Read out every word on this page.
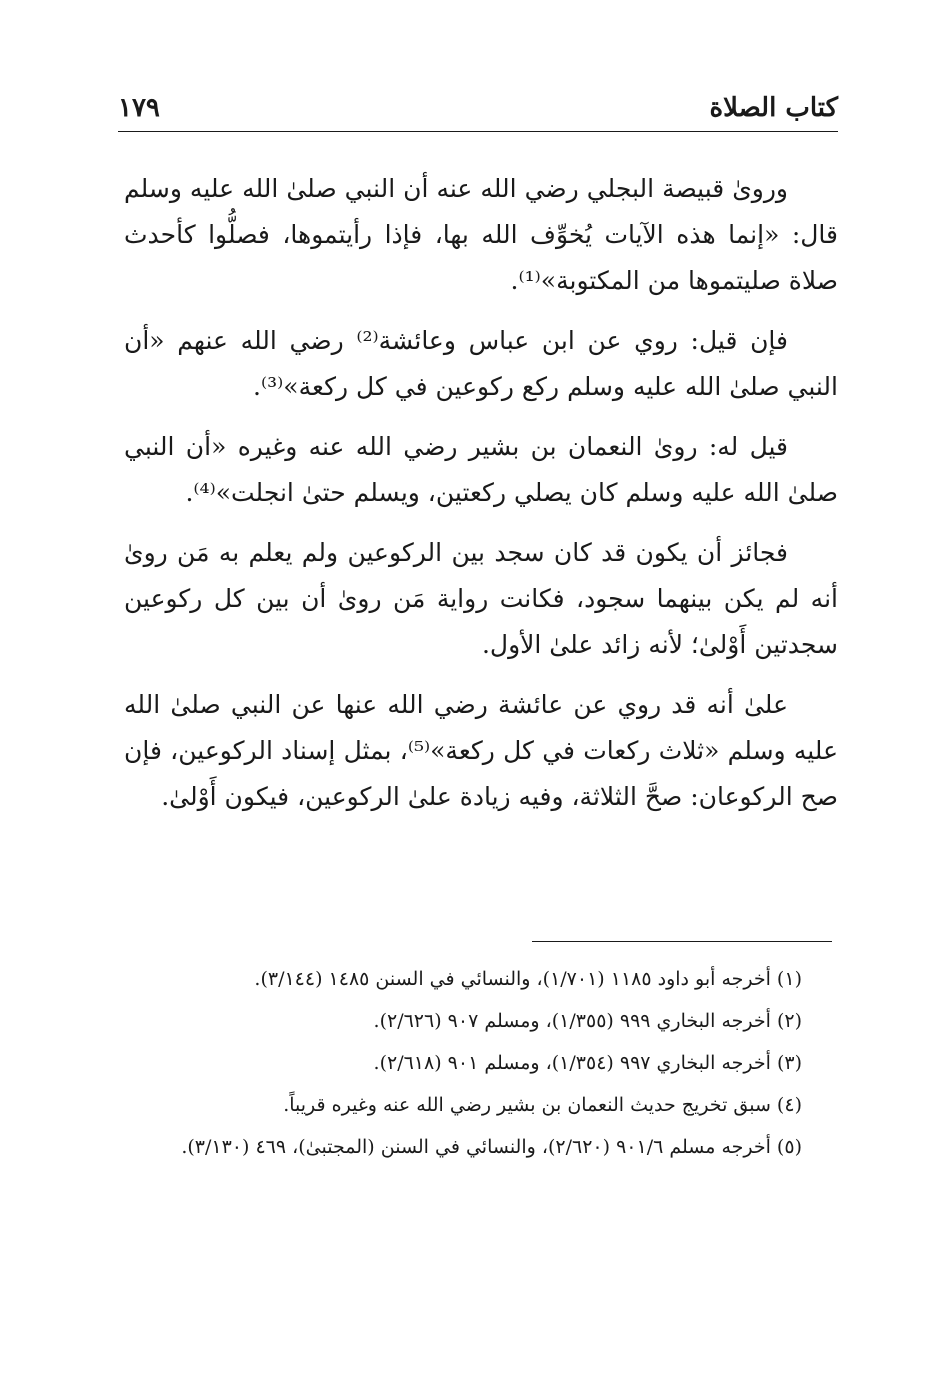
كتاب الصلاة
١٧٩

وروىٰ قبيصة البجلي رضي الله عنه أن النبي صلىٰ الله عليه وسلم قال: «إنما هذه الآيات يُخوِّف الله بها، فإذا رأيتموها، فصلُّوا كأحدث صلاة صليتموها من المكتوبة»⁽¹⁾.

فإن قيل: روي عن ابن عباس وعائشة⁽²⁾ رضي الله عنهم «أن النبي صلىٰ الله عليه وسلم ركع ركوعين في كل ركعة»⁽³⁾.

قيل له: روىٰ النعمان بن بشير رضي الله عنه وغيره «أن النبي صلىٰ الله عليه وسلم كان يصلي ركعتين، ويسلم حتىٰ انجلت»⁽⁴⁾.

فجائز أن يكون قد كان سجد بين الركوعين ولم يعلم به مَن روىٰ أنه لم يكن بينهما سجود، فكانت رواية مَن روىٰ أن بين كل ركوعين سجدتين أَوْلىٰ؛ لأنه زائد علىٰ الأول.

علىٰ أنه قد روي عن عائشة رضي الله عنها عن النبي صلىٰ الله عليه وسلم «ثلاث ركعات في كل ركعة»⁽⁵⁾، بمثل إسناد الركوعين، فإن صح الركوعان: صحَّ الثلاثة، وفيه زيادة علىٰ الركوعين، فيكون أَوْلىٰ.

(١) أخرجه أبو داود ١١٨٥ (١/٧٠١)، والنسائي في السنن ١٤٨٥ (٣/١٤٤).

(٢) أخرجه البخاري ٩٩٩ (١/٣٥٥)، ومسلم ٩٠٧ (٢/٦٢٦).

(٣) أخرجه البخاري ٩٩٧ (١/٣٥٤)، ومسلم ٩٠١ (٢/٦١٨).

(٤) سبق تخريج حديث النعمان بن بشير رضي الله عنه وغيره قريباً.

(٥) أخرجه مسلم ٩٠١/٦ (٢/٦٢٠)، والنسائي في السنن (المجتبىٰ)، ٤٦٩ (٣/١٣٠).
